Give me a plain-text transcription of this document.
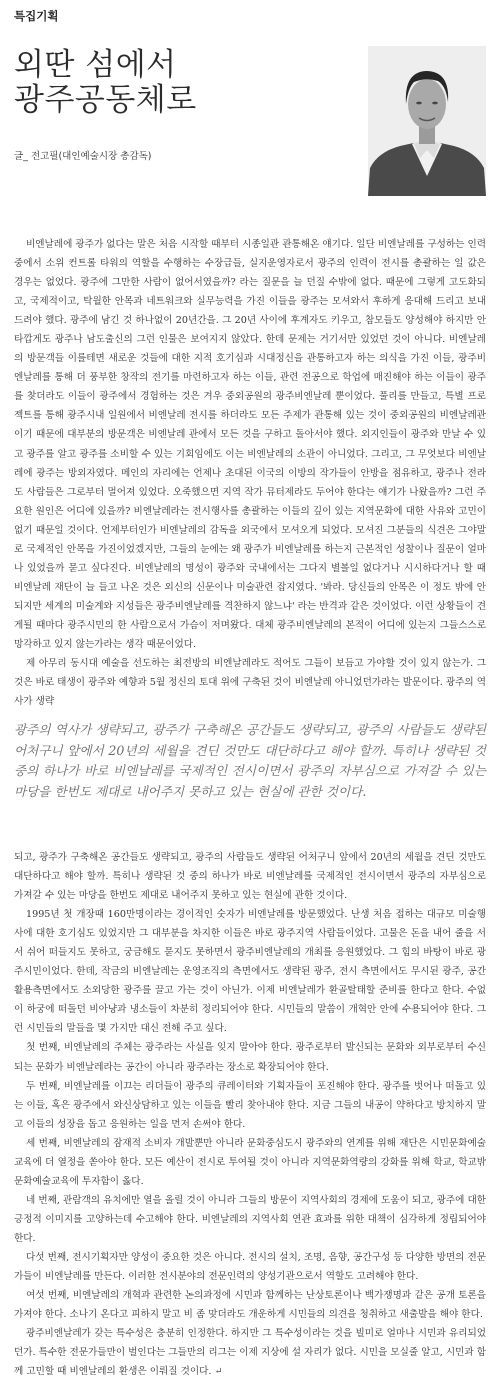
특집기획
외딴 섬에서
광주공동체로
글_ 전고필(대인예술시장 총감독)

비엔날레에 광주가 없다는 말은 처음 시작할 때부터 시종일관 관통해온 얘기다. 일단 비엔날레를 구성하는 인력중에서 소위 컨트롤 타워의 역할을 수행하는 수장급들, 실지운영자로서 광주의 인력이 전시를 총괄하는 일 값은 경우는 없었다. 광주에 그만한 사람이 없어서였을까? 라는 질문을 늘 던질 수밖에 없다. 때문에 그렇게 고도화되고, 국제적이고, 탁월한 안목과 네트워크와 실무능력을 가진 이들을 광주는 모셔와서 후하게 응대해 드리고 보내 드려야 했다. 광주에 남긴 것 하나없이 20년간을. 그 20년 사이에 후계자도 키우고, 참모들도 양성해야 하지만 안타깝게도 광주나 남도출신의 그런 인물은 보여지지 않았다. 한데 문제는 거기서만 있었던 것이 아니다. 비엔날레의 방문객들 이를테면 새로운 것들에 대한 지적 호기심과 시대정신을 관통하고자 하는 의식을 가진 이들, 광주비엔날레를 통해 더 풍부한 창작의 전기를 마련하고자 하는 이들, 관련 전공으로 학업에 매진해야 하는 이들이 광주를 찾더라도 이들이 광주에서 경험하는 것은 겨우 중외공원의 광주비엔날레 뿐이었다. 풀리를 만들고, 특별 프로젝트를 통해 광주시내 일원에서 비엔날레 전시를 하더라도 모든 주제가 관통해 있는 것이 중외공원의 비엔날레관이기 때문에 대부분의 방문객은 비엔날레 관에서 모든 것을 구하고 돌아서야 했다. 외지인들이 광주와 만날 수 있고 광주를 알고 광주를 소비할 수 있는 기회임에도 이는 비엔날레의 소관이 아니었다. 그리고, 그 무엇보다 비엔날레에 광주는 방외자였다. 메인의 자리에는 언제나 초대된 이국의 이방의 작가들이 안방을 점유하고, 광주나 전라도 사람들은 그로부터 멀어져 있었다. 오죽했으면 지역 작가 뮤터제라도 두어야 한다는 얘기가 나왔을까? 그런 주요한 원인은 어디에 있을까? 비엔날레라는 전시행사를 총괄하는 이들의 깊이 있는 지역문화에 대한 사유와 고민이 없기 때문일 것이다. 언제부터인가 비엔날레의 감독을 외국에서 모셔오게 되었다. 모셔진 그분들의 식견은 그야말로 국제적인 안목을 가진이었겠지만, 그들의 눈에는 왜 광주가 비엔날레를 하는지 근본적인 성찰이나 질문이 얼마나 있었을까 묻고 싶다진다. 비엔날레의 명성이 광주와 국내에서는 그다지 별볼일 없다거나 시시하다거나 할 때 비엔날레 재단이 늘 들고 나온 것은 외신의 신문이나 미술관련 잡지였다. '봐라. 당신들의 안목은 이 정도 밖에 안되지만 세계의 미술계와 지성들은 광주비엔날레를 격찬하지 않느냐' 라는 반격과 같은 것이었다. 이런 상황들이 견게될 때마다 광주시민의 한 사람으로서 가슴이 저며왔다. 대체 광주비엔날레의 본적이 어디에 있는지 그들스스로 망각하고 있지 않는가라는 생각 때문이었다.

제 아무리 동시대 예술을 선도하는 최전방의 비엔날레라도 적어도 그들이 보듬고 가야할 것이 있지 않는가. 그것은 바로 태생이 광주와 예향과 5월 정신의 토대 위에 구축된 것이 비엔날레 아니었던가라는 발문이다. 광주의 역사가 생략

광주의 역사가 생략되고, 광주가 구축해온 공간들도 생략되고, 광주의 사람들도 생략된 어처구니 앞에서 20년의 세월을 견딘 것만도 대단하다고 해야 할까. 특히나 생략된 것 중의 하나가 바로 비엔날레를 국제적인 전시이면서 광주의 자부심으로 가져갈 수 있는 마당을 한번도 제대로 내어주지 못하고 있는 현실에 관한 것이다.

되고, 광주가 구축해온 공간들도 생략되고, 광주의 사람들도 생략된 어처구니 앞에서 20년의 세월을 견딘 것만도 대단하다고 해야 할까. 특히나 생략된 것 중의 하나가 바로 비엔날레를 국제적인 전시이면서 광주의 자부심으로 가져갈 수 있는 마당을 한번도 제대로 내어주지 못하고 있는 현실에 관한 것이다.

1995년 첫 개장때 160만명이라는 경이적인 숫자가 비엔날레를 방문했었다. 난생 처음 접하는 대규모 미술행사에 대한 호기심도 있었지만 그 대부분을 차지한 이들은 바로 광주지역 사람들이었다. 고물은 돈을 내어 줄을 서서 쉬어 떠들지도 못하고, 궁금해도 묻지도 못하면서 광주비엔날레의 개최를 응원했었다. 그 힘의 바탕이 바로 광주시민이었다. 한데, 작금의 비엔날레는 운영조직의 측면에서도 생략된 광주, 전시 측면에서도 무시된 광주, 공간활용측면에서도 소외당한 광주를 끌고 가는 것이 아닌가. 이제 비엔날레가 환골탈태할 준비를 한다고 한다. 수없이 하궁에 떠돌던 비아냥과 냉소들이 차분히 정리되어야 한다. 시민들의 말씀이 개혁안 안에 수용되어야 한다. 그런 시민들의 말들을 몇 가지만 대신 전해 주고 싶다.

첫 번째, 비엔날레의 주체는 광주라는 사실을 잊지 말아야 한다. 광주로부터 발신되는 문화와 외부로부터 수신되는 문화가 비엔날레라는 공간이 아니라 광주라는 장소로 확장되어야 한다.

두 번째, 비엔날레를 이끄는 리더들이 광주의 큐레이터와 기획자들이 포진해야 한다. 광주를 벗어나 떠돌고 있는 이들, 혹은 광주에서 와신상담하고 있는 이들을 빨리 찾아내야 한다. 지금 그들의 내공이 약하다고 방치하지 말고 이들의 성장을 돕고 응원하는 일을 먼저 손써야 한다.

세 번째, 비엔날레의 잠재적 소비자 개발뿐만 아니라 문화중심도시 광주와의 연계를 위해 재단은 시민문화예술교육에 더 열정을 쏟아야 한다. 모든 예산이 전시로 투여될 것이 아니라 지역문화역량의 강화를 위해 학교, 학교밖 문화예술교육에 투자함이 옳다.

네 번째, 관람객의 유치에만 열을 올릴 것이 아니라 그들의 방문이 지역사회의 경제에 도움이 되고, 광주에 대한 긍정적 이미지를 고양하는데 수고해야 한다. 비엔날레의 지역사회 연관 효과를 위한 대책이 심각하게 정립되어야 한다.

다섯 번째, 전시기획자만 양성이 중요한 것은 아니다. 전시의 설치, 조명, 음향, 공간구성 등 다양한 방면의 전문가들이 비엔날레를 만든다. 이러한 전시분야의 전문인력의 양성기관으로서 역할도 고려해야 한다.

여섯 번째, 비엔날레의 개혁과 관련한 논의과정에 시민과 함께하는 난상토론이나 백가쟁명과 같은 공개 토론을 가져야 한다. 소나기 온다고 피하지 말고 비 좀 맞더라도 개운하게 시민들의 의견을 청취하고 새출발을 해야 한다.

광주비엔날레가 갖는 특수성은 충분히 인정한다. 하지만 그 특수성이라는 것을 빌미로 얼마나 시민과 유리되었던가. 특수한 전문가들만이 벌인다는 그들만의 리그는 이제 지상에 설 자리가 없다. 시민을 모실줄 알고, 시민과 함께 고민할 때 비엔날레의 환생은 이뤄질 것이다. ↵
